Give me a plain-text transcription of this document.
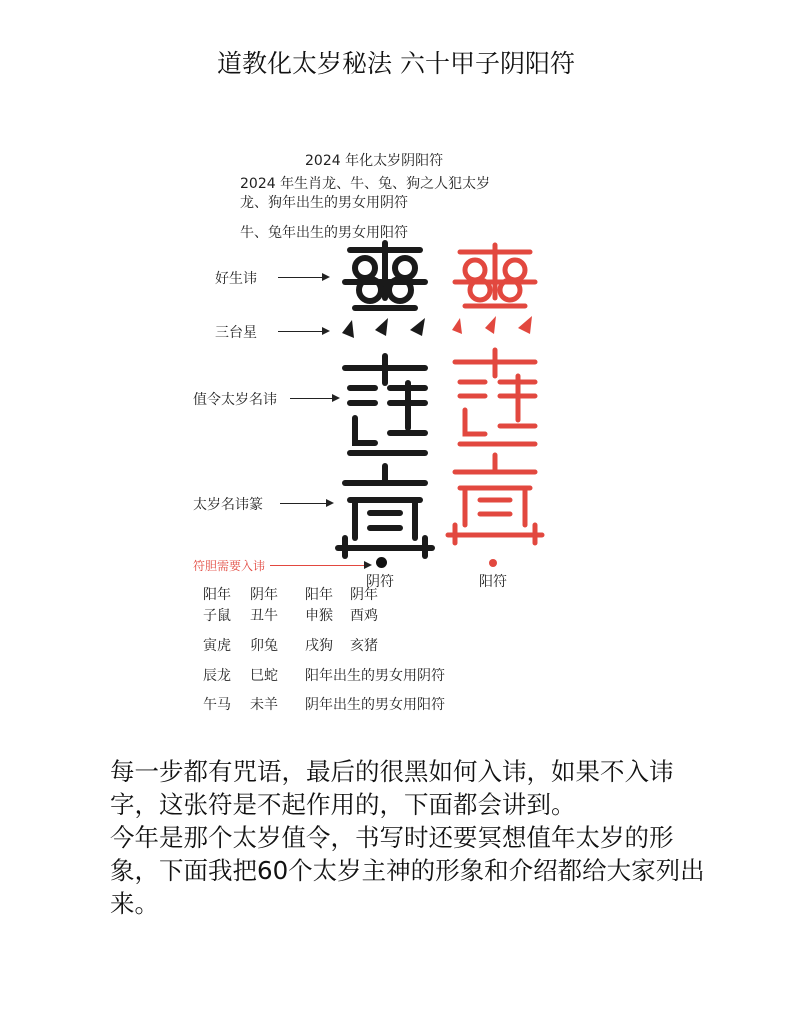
道教化太岁秘法 六十甲子阴阳符
2024 年化太岁阴阳符
2024 年生肖龙、牛、兔、狗之人犯太岁
龙、狗年出生的男女用阴符
牛、兔年出生的男女用阳符
好生讳
三台星
值令太岁名讳
太岁名讳篆
符胆需要入讳
阴符	阳符
阳年 阴年 阳年 阴年
子鼠 丑牛 申猴 酉鸡
寅虎 卯兔 戌狗 亥猪
辰龙 巳蛇 阳年出生的男女用阴符
午马 未羊 阴年出生的男女用阳符
每一步都有咒语，最后的很黑如何入讳，如果不入讳字，这张符是不起作用的，下面都会讲到。
今年是那个太岁值令，书写时还要冥想值年太岁的形象，下面我把60个太岁主神的形象和介绍都给大家列出来。
